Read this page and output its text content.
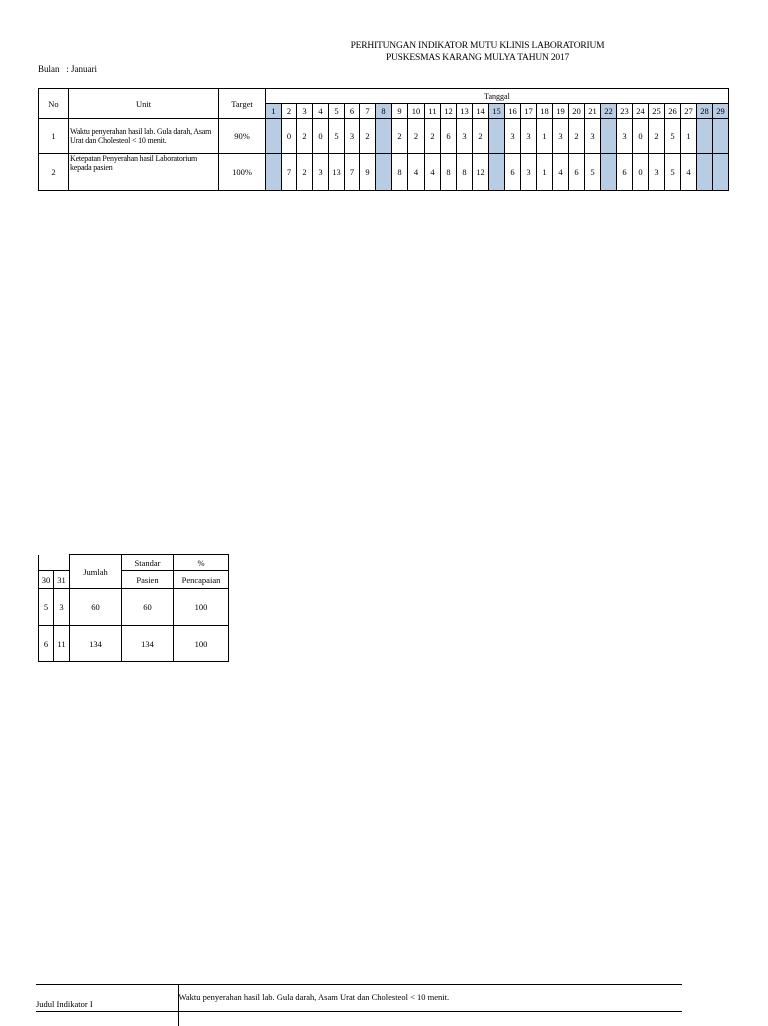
PERHITUNGAN INDIKATOR MUTU KLINIS LABORATORIUM
PUSKESMAS KARANG MULYA TAHUN 2017
Bulan : Januari
No	Unit	Target	Tanggal																												
			1	2	3	4	5	6	7	8	9	10	11	12	13	14	15	16	17	18	19	20	21	22	23	24	25	26	27	28	29
1	Waktu penyerahan hasil lab. Gula darah, Asam Urat dan Cholesteol < 10 menit.	90%		0	2	0	5	3	2		2	2	2	6	3	2		3	3	1	3	2	3		3	0	2	5	1		
2	Ketepatan Penyerahan hasil Laboratorium kepada pasien	100%		7	2	3	13	7	9		8	4	4	8	8	12		6	3	1	4	6	5		6	0	3	5	4		
		Jumlah	Standar	%
30	31		Pasien	Pencapaian
5	3	60	60	100
6	11	134	134	100
Judul Indikator I	Waktu penyerahan hasil lab. Gula darah, Asam Urat dan Cholesteol < 10 menit.
